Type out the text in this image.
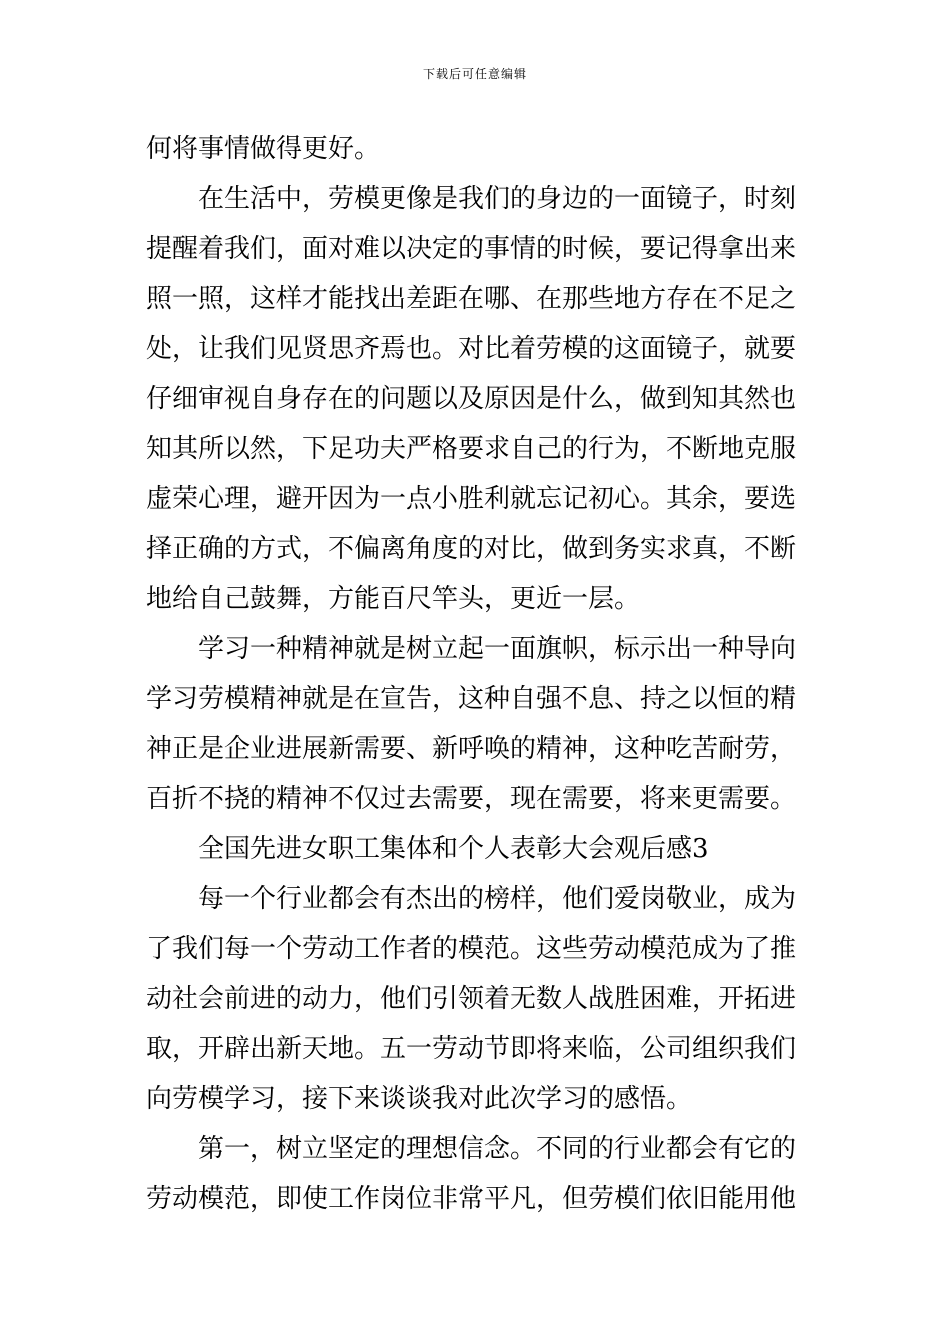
下载后可任意编辑
何将事情做得更好。
在生活中，劳模更像是我们的身边的一面镜子，时刻
提醒着我们，面对难以决定的事情的时候，要记得拿出来
照一照，这样才能找出差距在哪、在那些地方存在不足之
处，让我们见贤思齐焉也。对比着劳模的这面镜子，就要
仔细审视自身存在的问题以及原因是什么，做到知其然也
知其所以然，下足功夫严格要求自己的行为，不断地克服
虚荣心理，避开因为一点小胜利就忘记初心。其余，要选
择正确的方式，不偏离角度的对比，做到务实求真，不断
地给自己鼓舞，方能百尺竿头，更近一层。
学习一种精神就是树立起一面旗帜，标示出一种导向
学习劳模精神就是在宣告，这种自强不息、持之以恒的精
神正是企业进展新需要、新呼唤的精神，这种吃苦耐劳，
百折不挠的精神不仅过去需要，现在需要，将来更需要。
全国先进女职工集体和个人表彰大会观后感3
每一个行业都会有杰出的榜样，他们爱岗敬业，成为
了我们每一个劳动工作者的模范。这些劳动模范成为了推
动社会前进的动力，他们引领着无数人战胜困难，开拓进
取，开辟出新天地。五一劳动节即将来临，公司组织我们
向劳模学习，接下来谈谈我对此次学习的感悟。
第一，树立坚定的理想信念。不同的行业都会有它的
劳动模范，即使工作岗位非常平凡，但劳模们依旧能用他
